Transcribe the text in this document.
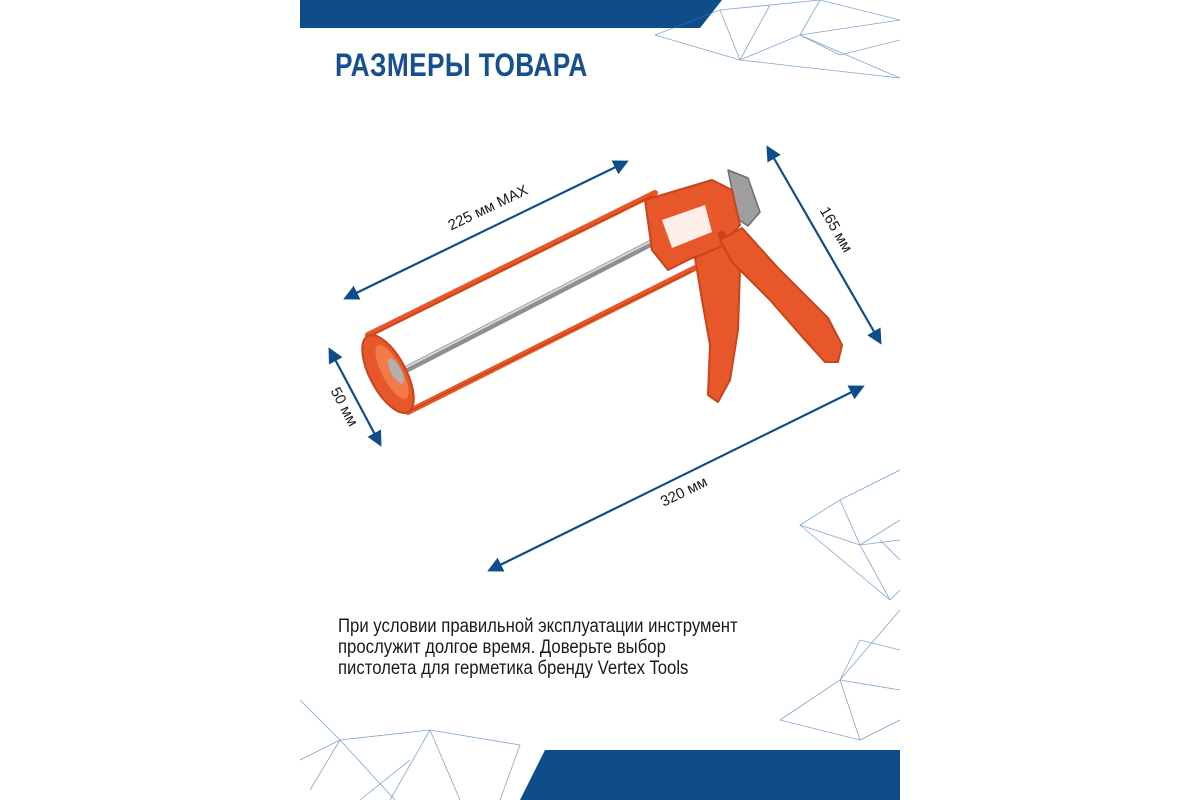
225 мм MAX	165 мм
50 мм
320 мм
РАЗМЕРЫ ТОВАРА

При условии правильной эксплуатации инструмент
прослужит долгое время. Доверьте выбор
пистолета для герметика бренду Vertex Tools
